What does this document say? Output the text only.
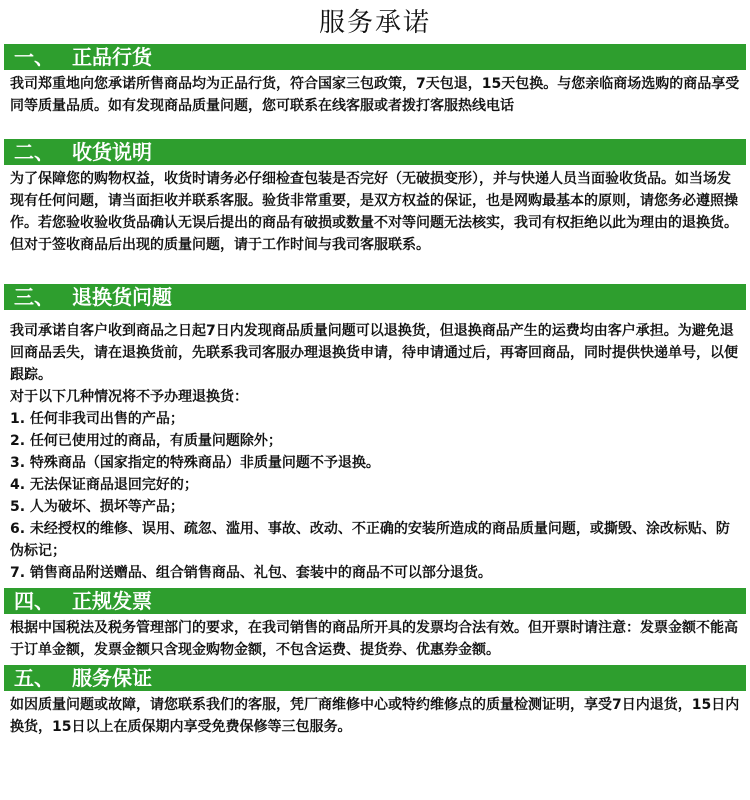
服务承诺
一、 正品行货

我司郑重地向您承诺所售商品均为正品行货，符合国家三包政策，7天包退，15天包换。与您亲临商场选购的商品享受同等质量品质。如有发现商品质量问题，您可联系在线客服或者拨打客服热线电话

二、 收货说明

为了保障您的购物权益，收货时请务必仔细检查包装是否完好（无破损变形），并与快递人员当面验收货品。如当场发现有任何问题，请当面拒收并联系客服。验货非常重要，是双方权益的保证，也是网购最基本的原则，请您务必遵照操作。若您验收验收货品确认无误后提出的商品有破损或数量不对等问题无法核实，我司有权拒绝以此为理由的退换货。但对于签收商品后出现的质量问题，请于工作时间与我司客服联系。

三、 退换货问题

我司承诺自客户收到商品之日起7日内发现商品质量问题可以退换货，但退换商品产生的运费均由客户承担。为避免退回商品丢失，请在退换货前，先联系我司客服办理退换货申请，待申请通过后，再寄回商品，同时提供快递单号，以便跟踪。

对于以下几种情况将不予办理退换货：

1. 任何非我司出售的产品；

2. 任何已使用过的商品，有质量问题除外；

3. 特殊商品（国家指定的特殊商品）非质量问题不予退换。

4. 无法保证商品退回完好的；

5. 人为破坏、损坏等产品；

6. 未经授权的维修、误用、疏忽、滥用、事故、改动、不正确的安装所造成的商品质量问题，或撕毁、涂改标贴、防伪标记；

7. 销售商品附送赠品、组合销售商品、礼包、套装中的商品不可以部分退货。

四、 正规发票

根据中国税法及税务管理部门的要求，在我司销售的商品所开具的发票均合法有效。但开票时请注意：发票金额不能高于订单金额，发票金额只含现金购物金额，不包含运费、提货券、优惠券金额。

五、 服务保证

如因质量问题或故障，请您联系我们的客服，凭厂商维修中心或特约维修点的质量检测证明，享受7日内退货，15日内换货，15日以上在质保期内享受免费保修等三包服务。
